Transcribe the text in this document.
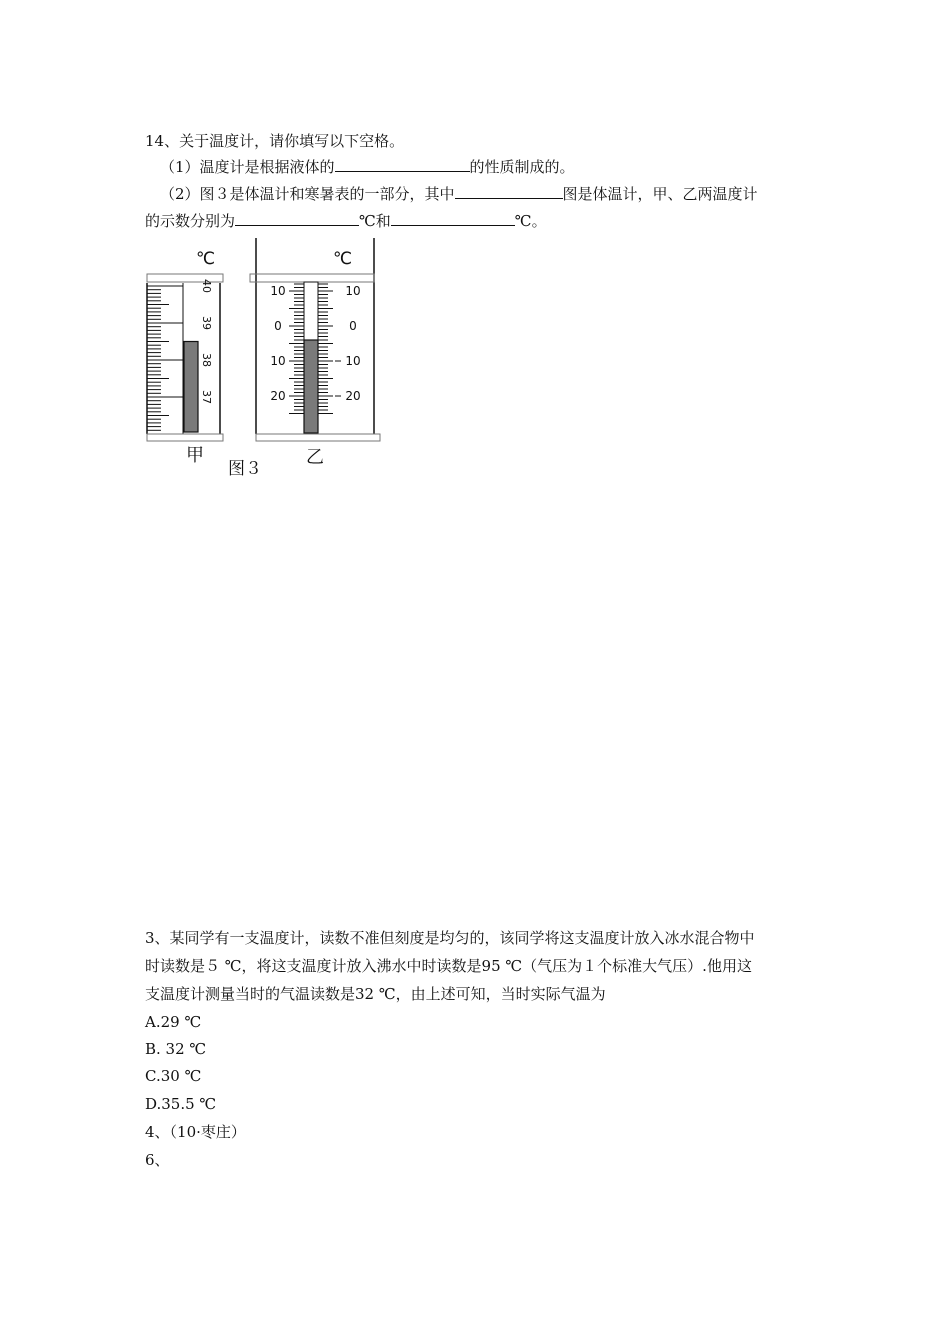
14、关于温度计，请你填写以下空格。
（1）温度计是根据液体的	的性质制成的。
（2）图３是体温计和寒暑表的一部分，其中	图是体温计，甲、乙两温度计
的示数分别为	℃和	℃。
℃
40
39
38
37
甲
℃
10
0
10
20
10
0
10
20
乙
图３
3、某同学有一支温度计，读数不准但刻度是均匀的，该同学将这支温度计放入冰水混合物中
时读数是５ ℃，将这支温度计放入沸水中时读数是95 ℃（气压为１个标准大气压）.他用这
支温度计测量当时的气温读数是32 ℃，由上述可知，当时实际气温为
A.29 ℃
B. 32 ℃
C.30 ℃
D.35.5 ℃
4、（10·枣庄）
6、
